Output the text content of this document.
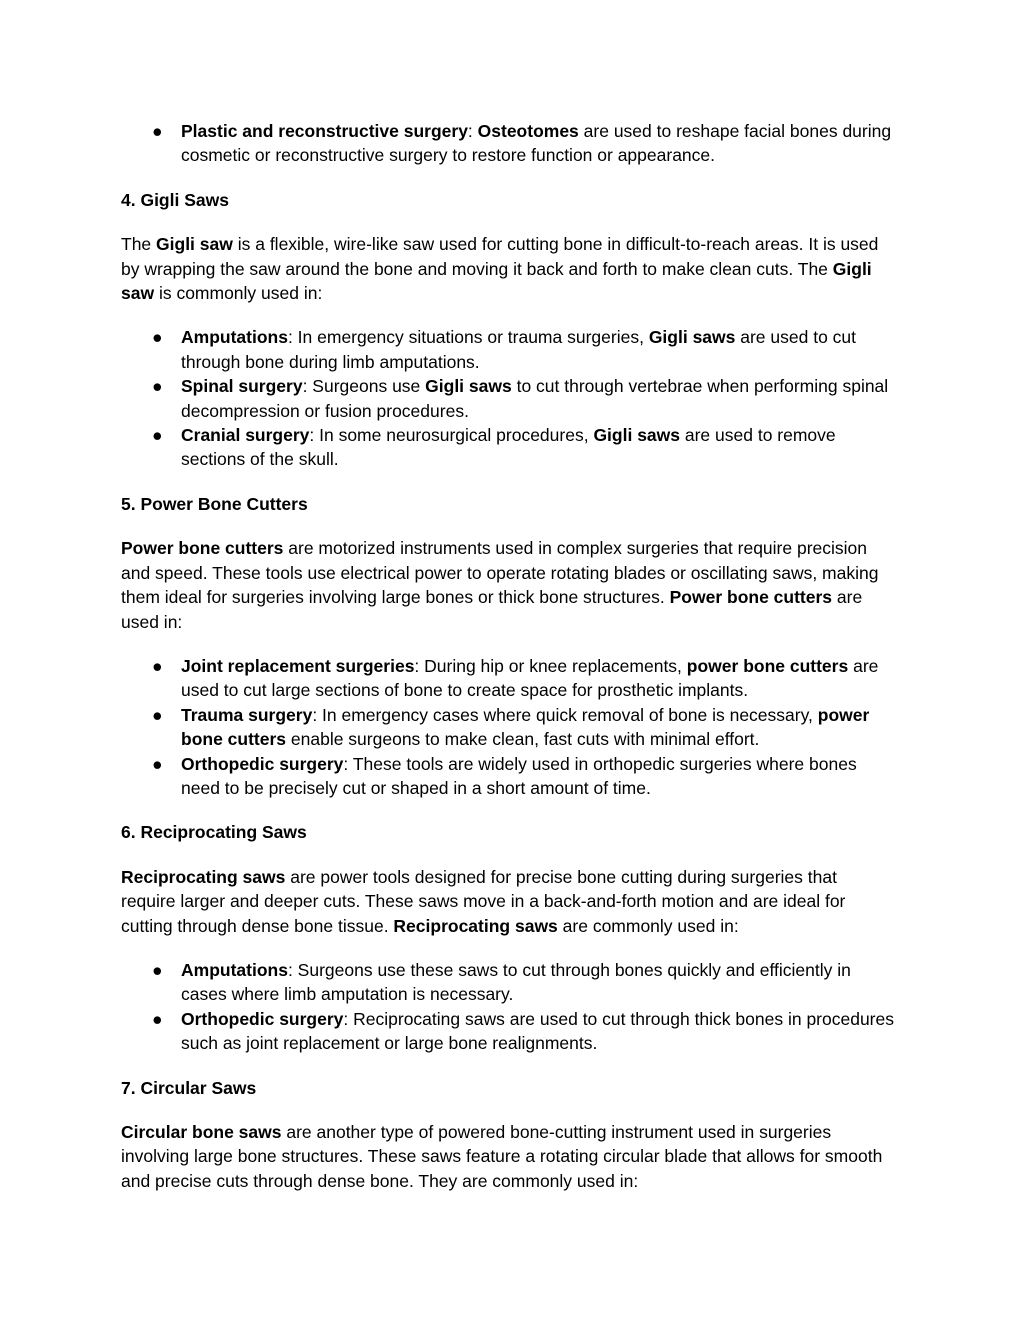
● Plastic and reconstructive surgery: Osteotomes are used to reshape facial bones during cosmetic or reconstructive surgery to restore function or appearance.
4. Gigli Saws

The Gigli saw is a flexible, wire-like saw used for cutting bone in difficult-to-reach areas. It is used by wrapping the saw around the bone and moving it back and forth to make clean cuts. The Gigli saw is commonly used in:

● Amputations: In emergency situations or trauma surgeries, Gigli saws are used to cut through bone during limb amputations.
● Spinal surgery: Surgeons use Gigli saws to cut through vertebrae when performing spinal decompression or fusion procedures.
● Cranial surgery: In some neurosurgical procedures, Gigli saws are used to remove sections of the skull.
5. Power Bone Cutters

Power bone cutters are motorized instruments used in complex surgeries that require precision and speed. These tools use electrical power to operate rotating blades or oscillating saws, making them ideal for surgeries involving large bones or thick bone structures. Power bone cutters are used in:

● Joint replacement surgeries: During hip or knee replacements, power bone cutters are used to cut large sections of bone to create space for prosthetic implants.
● Trauma surgery: In emergency cases where quick removal of bone is necessary, power bone cutters enable surgeons to make clean, fast cuts with minimal effort.
● Orthopedic surgery: These tools are widely used in orthopedic surgeries where bones need to be precisely cut or shaped in a short amount of time.
6. Reciprocating Saws

Reciprocating saws are power tools designed for precise bone cutting during surgeries that require larger and deeper cuts. These saws move in a back-and-forth motion and are ideal for cutting through dense bone tissue. Reciprocating saws are commonly used in:

● Amputations: Surgeons use these saws to cut through bones quickly and efficiently in cases where limb amputation is necessary.
● Orthopedic surgery: Reciprocating saws are used to cut through thick bones in procedures such as joint replacement or large bone realignments.
7. Circular Saws

Circular bone saws are another type of powered bone-cutting instrument used in surgeries involving large bone structures. These saws feature a rotating circular blade that allows for smooth and precise cuts through dense bone. They are commonly used in:
